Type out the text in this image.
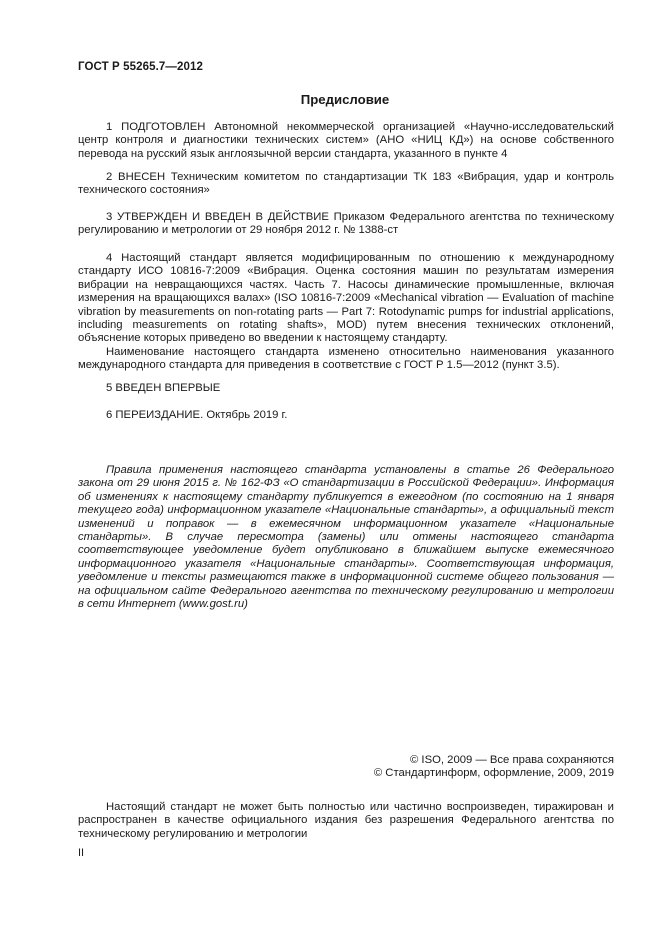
ГОСТ Р 55265.7—2012
Предисловие

1 ПОДГОТОВЛЕН Автономной некоммерческой организацией «Научно-исследовательский центр контроля и диагностики технических систем» (АНО «НИЦ КД») на основе собственного перевода на русский язык англоязычной версии стандарта, указанного в пункте 4

2 ВНЕСЕН Техническим комитетом по стандартизации ТК 183 «Вибрация, удар и контроль технического состояния»

3 УТВЕРЖДЕН И ВВЕДЕН В ДЕЙСТВИЕ Приказом Федерального агентства по техническому регулированию и метрологии от 29 ноября 2012 г. № 1388-ст

4 Настоящий стандарт является модифицированным по отношению к международному стандарту ИСО 10816-7:2009 «Вибрация. Оценка состояния машин по результатам измерения вибрации на невращающихся частях. Часть 7. Насосы динамические промышленные, включая измерения на вращающихся валах» (ISO 10816-7:2009 «Mechanical vibration — Evaluation of machine vibration by measurements on non-rotating parts — Part 7: Rotodynamic pumps for industrial applications, including measurements on rotating shafts», MOD) путем внесения технических отклонений, объяснение которых приведено во введении к настоящему стандарту.

Наименование настоящего стандарта изменено относительно наименования указанного международного стандарта для приведения в соответствие с ГОСТ Р 1.5—2012 (пункт 3.5).

5 ВВЕДЕН ВПЕРВЫЕ

6 ПЕРЕИЗДАНИЕ. Октябрь 2019 г.

Правила применения настоящего стандарта установлены в статье 26 Федерального закона от 29 июня 2015 г. № 162-ФЗ «О стандартизации в Российской Федерации». Информация об изменениях к настоящему стандарту публикуется в ежегодном (по состоянию на 1 января текущего года) информационном указателе «Национальные стандарты», а официальный текст изменений и поправок — в ежемесячном информационном указателе «Национальные стандарты». В случае пересмотра (замены) или отмены настоящего стандарта соответствующее уведомление будет опубликовано в ближайшем выпуске ежемесячного информационного указателя «Национальные стандарты». Соответствующая информация, уведомление и тексты размещаются также в информационной системе общего пользования — на официальном сайте Федерального агентства по техническому регулированию и метрологии в сети Интернет (www.gost.ru)

© ISO, 2009 — Все права сохраняются
© Стандартинформ, оформление, 2009, 2019

Настоящий стандарт не может быть полностью или частично воспроизведен, тиражирован и распространен в качестве официального издания без разрешения Федерального агентства по техническому регулированию и метрологии

II
